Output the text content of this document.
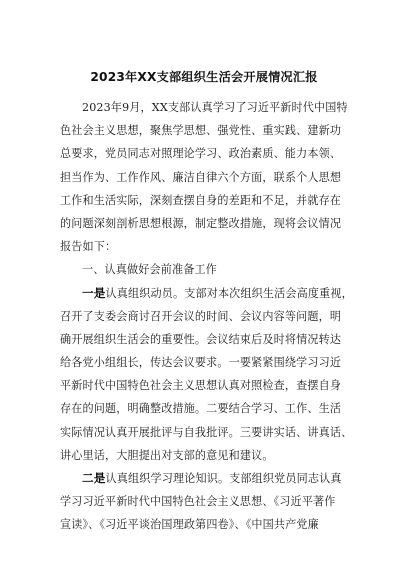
2023年XX支部组织生活会开展情况汇报
2023年9月，XX支部认真学习了习近平新时代中国特
色社会主义思想，聚焦学思想、强党性、重实践、建新功
总要求，党员同志对照理论学习、政治素质、能力本领、
担当作为、工作作风、廉洁自律六个方面，联系个人思想
工作和生活实际，深刻查摆自身的差距和不足，并就存在
的问题深刻剖析思想根源，制定整改措施，现将会议情况
报告如下：
一、认真做好会前准备工作
一是认真组织动员。支部对本次组织生活会高度重视，
召开了支委会商讨召开会议的时间、会议内容等问题，明
确开展组织生活会的重要性。会议结束后及时将情况转达
给各党小组组长，传达会议要求。一要紧紧围绕学习习近
平新时代中国特色社会主义思想认真对照检查，查摆自身
存在的问题，明确整改措施。二要结合学习、工作、生活
实际情况认真开展批评与自我批评。三要讲实话、讲真话、
讲心里话，大胆提出对支部的意见和建议。
二是认真组织学习理论知识。支部组织党员同志认真
学习习近平新时代中国特色社会主义思想、《习近平著作
宣读》、《习近平谈治国理政第四卷》、《中国共产党廉
